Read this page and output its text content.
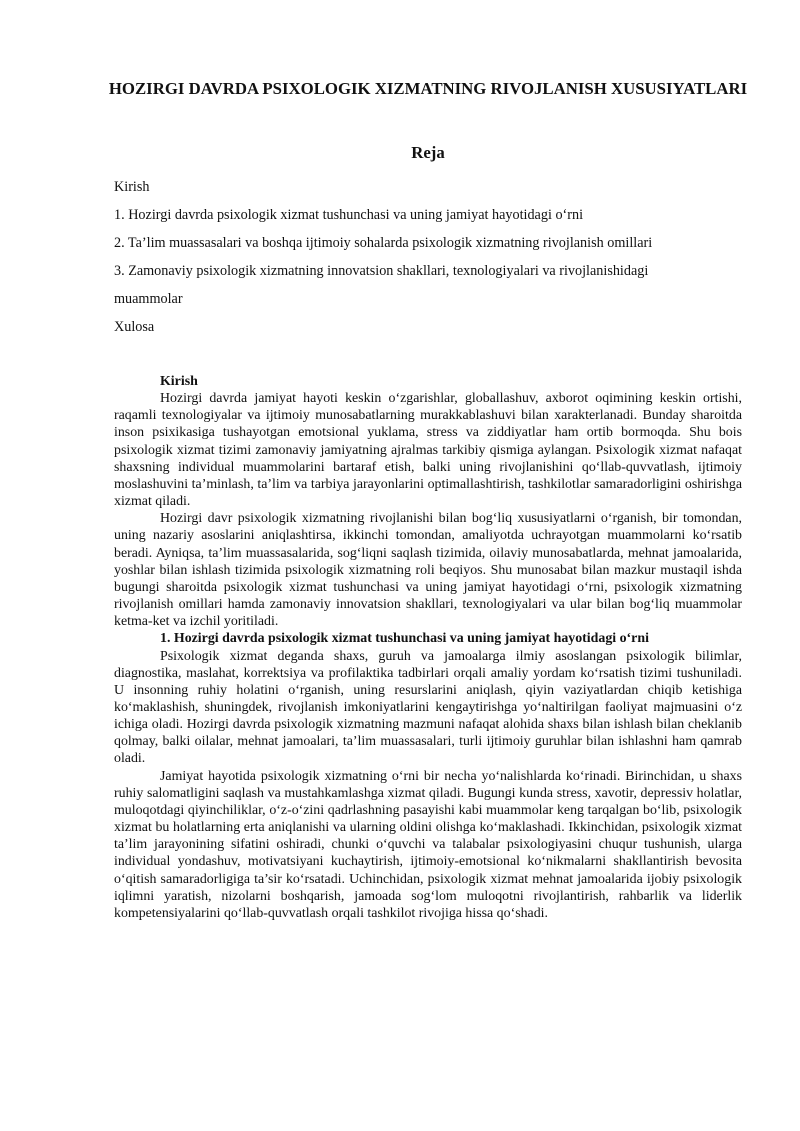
HOZIRGI DAVRDA PSIXOLOGIK XIZMATNING RIVOJLANISH XUSUSIYATLARI
Reja
Kirish
1. Hozirgi davrda psixologik xizmat tushunchasi va uning jamiyat hayotidagi o‘rni
2. Ta’lim muassasalari va boshqa ijtimoiy sohalarda psixologik xizmatning rivojlanish omillari
3. Zamonaviy psixologik xizmatning innovatsion shakllari, texnologiyalari va rivojlanishidagi
muammolar
Xulosa

Kirish

Hozirgi davrda jamiyat hayoti keskin o‘zgarishlar, globallashuv, axborot oqimining keskin ortishi, raqamli texnologiyalar va ijtimoiy munosabatlarning murakkablashuvi bilan xarakterlanadi. Bunday sharoitda inson psixikasiga tushayotgan emotsional yuklama, stress va ziddiyatlar ham ortib bormoqda. Shu bois psixologik xizmat tizimi zamonaviy jamiyatning ajralmas tarkibiy qismiga aylangan. Psixologik xizmat nafaqat shaxsning individual muammolarini bartaraf etish, balki uning rivojlanishini qo‘llab-quvvatlash, ijtimoiy moslashuvini ta’minlash, ta’lim va tarbiya jarayonlarini optimallashtirish, tashkilotlar samaradorligini oshirishga xizmat qiladi.

Hozirgi davr psixologik xizmatning rivojlanishi bilan bog‘liq xususiyatlarni o‘rganish, bir tomondan, uning nazariy asoslarini aniqlashtirsa, ikkinchi tomondan, amaliyotda uchrayotgan muammolarni ko‘rsatib beradi. Ayniqsa, ta’lim muassasalarida, sog‘liqni saqlash tizimida, oilaviy munosabatlarda, mehnat jamoalarida, yoshlar bilan ishlash tizimida psixologik xizmatning roli beqiyos. Shu munosabat bilan mazkur mustaqil ishda bugungi sharoitda psixologik xizmat tushunchasi va uning jamiyat hayotidagi o‘rni, psixologik xizmatning rivojlanish omillari hamda zamonaviy innovatsion shakllari, texnologiyalari va ular bilan bog‘liq muammolar ketma-ket va izchil yoritiladi.

1. Hozirgi davrda psixologik xizmat tushunchasi va uning jamiyat hayotidagi o‘rni

Psixologik xizmat deganda shaxs, guruh va jamoalarga ilmiy asoslangan psixologik bilimlar, diagnostika, maslahat, korrektsiya va profilaktika tadbirlari orqali amaliy yordam ko‘rsatish tizimi tushuniladi. U insonning ruhiy holatini o‘rganish, uning resurslarini aniqlash, qiyin vaziyatlardan chiqib ketishiga ko‘maklashish, shuningdek, rivojlanish imkoniyatlarini kengaytirishga yo‘naltirilgan faoliyat majmuasini o‘z ichiga oladi. Hozirgi davrda psixologik xizmatning mazmuni nafaqat alohida shaxs bilan ishlash bilan cheklanib qolmay, balki oilalar, mehnat jamoalari, ta’lim muassasalari, turli ijtimoiy guruhlar bilan ishlashni ham qamrab oladi.

Jamiyat hayotida psixologik xizmatning o‘rni bir necha yo‘nalishlarda ko‘rinadi. Birinchidan, u shaxs ruhiy salomatligini saqlash va mustahkamlashga xizmat qiladi. Bugungi kunda stress, xavotir, depressiv holatlar, muloqotdagi qiyinchiliklar, o‘z-o‘zini qadrlashning pasayishi kabi muammolar keng tarqalgan bo‘lib, psixologik xizmat bu holatlarning erta aniqlanishi va ularning oldini olishga ko‘maklashadi. Ikkinchidan, psixologik xizmat ta’lim jarayonining sifatini oshiradi, chunki o‘quvchi va talabalar psixologiyasini chuqur tushunish, ularga individual yondashuv, motivatsiyani kuchaytirish, ijtimoiy-emotsional ko‘nikmalarni shakllantirish bevosita o‘qitish samaradorligiga ta’sir ko‘rsatadi. Uchinchidan, psixologik xizmat mehnat jamoalarida ijobiy psixologik iqlimni yaratish, nizolarni boshqarish, jamoada sog‘lom muloqotni rivojlantirish, rahbarlik va liderlik kompetensiyalarini qo‘llab-quvvatlash orqali tashkilot rivojiga hissa qo‘shadi.
